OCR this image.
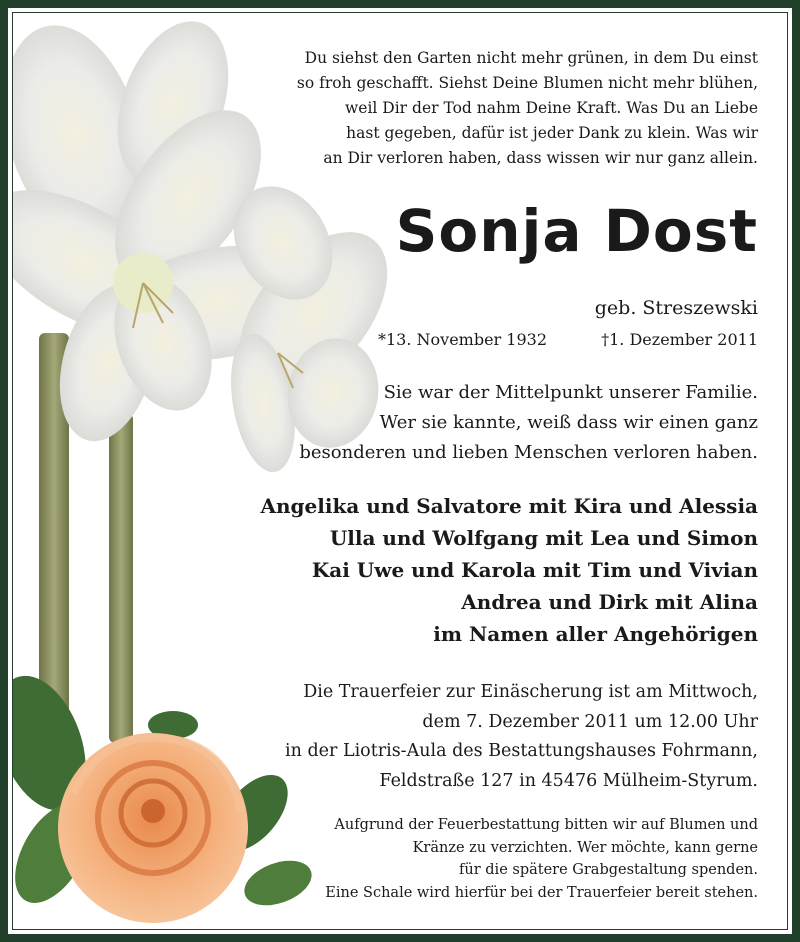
Du siehst den Garten nicht mehr grünen, in dem Du einst
so froh geschafft. Siehst Deine Blumen nicht mehr blühen,
weil Dir der Tod nahm Deine Kraft. Was Du an Liebe
hast gegeben, dafür ist jeder Dank zu klein. Was wir
an Dir verloren haben, dass wissen wir nur ganz allein.
Sonja Dost
geb. Streszewski
*13. November 1932	†1. Dezember 2011
Sie war der Mittelpunkt unserer Familie.
Wer sie kannte, weiß dass wir einen ganz
besonderen und lieben Menschen verloren haben.
Angelika und Salvatore mit Kira und Alessia
Ulla und Wolfgang mit Lea und Simon
Kai Uwe und Karola mit Tim und Vivian
Andrea und Dirk mit Alina
im Namen aller Angehörigen
Die Trauerfeier zur Einäscherung ist am Mittwoch,
dem 7. Dezember 2011 um 12.00 Uhr
in der Liotris-Aula des Bestattungshauses Fohrmann,
Feldstraße 127 in 45476 Mülheim-Styrum.
Aufgrund der Feuerbestattung bitten wir auf Blumen und
Kränze zu verzichten. Wer möchte, kann gerne
für die spätere Grabgestaltung spenden.
Eine Schale wird hierfür bei der Trauerfeier bereit stehen.
